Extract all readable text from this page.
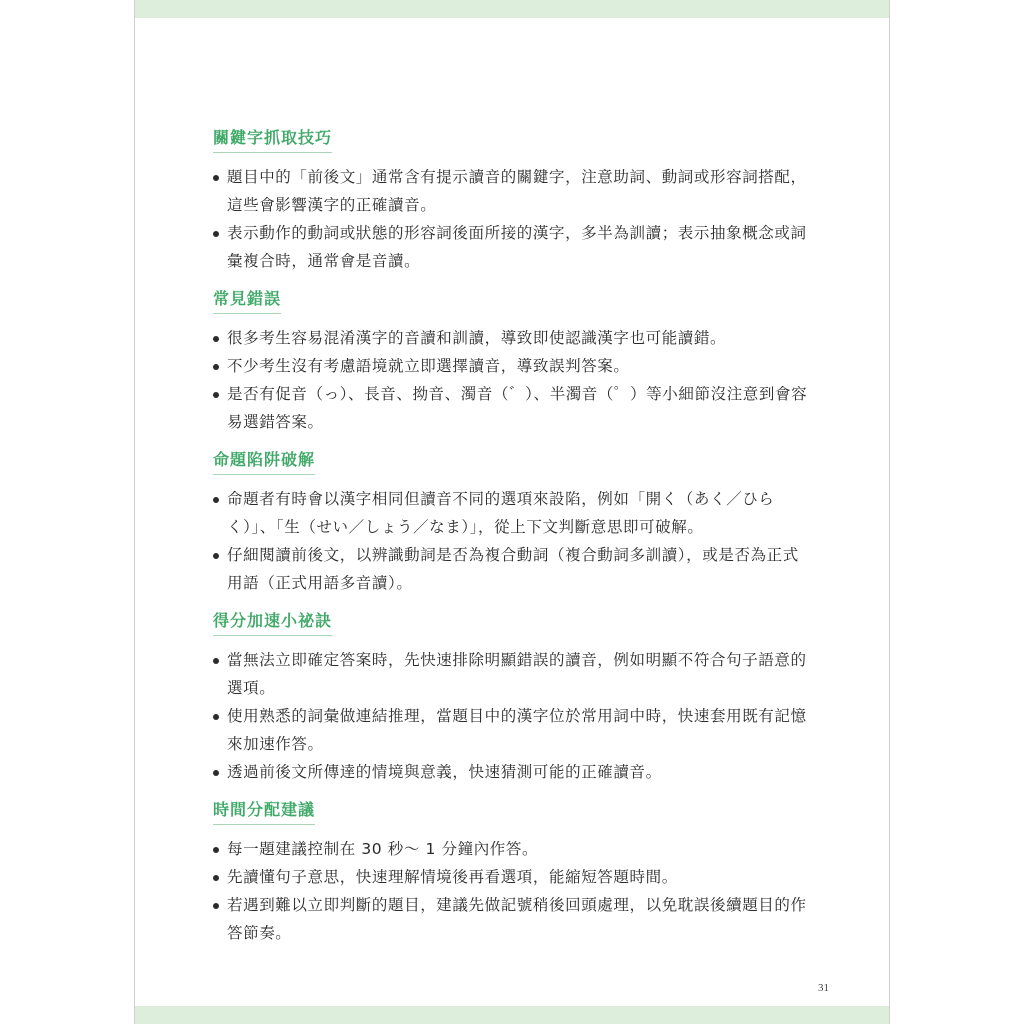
關鍵字抓取技巧
題目中的「前後文」通常含有提示讀音的關鍵字，注意助詞、動詞或形容詞搭配，這些會影響漢字的正確讀音。
表示動作的動詞或狀態的形容詞後面所接的漢字，多半為訓讀；表示抽象概念或詞彙複合時，通常會是音讀。
常見錯誤
很多考生容易混淆漢字的音讀和訓讀，導致即使認識漢字也可能讀錯。
不少考生沒有考慮語境就立即選擇讀音，導致誤判答案。
是否有促音（っ）、長音、拗音、濁音（゛）、半濁音（゜）等小細節沒注意到會容易選錯答案。
命題陷阱破解
命題者有時會以漢字相同但讀音不同的選項來設陷，例如「開く（あく／ひらく）」、「生（せい／しょう／なま）」，從上下文判斷意思即可破解。
仔細閱讀前後文，以辨識動詞是否為複合動詞（複合動詞多訓讀），或是否為正式用語（正式用語多音讀）。
得分加速小祕訣
當無法立即確定答案時，先快速排除明顯錯誤的讀音，例如明顯不符合句子語意的選項。
使用熟悉的詞彙做連結推理，當題目中的漢字位於常用詞中時，快速套用既有記憶來加速作答。
透過前後文所傳達的情境與意義，快速猜測可能的正確讀音。
時間分配建議
每一題建議控制在 30 秒～ 1 分鐘內作答。
先讀懂句子意思，快速理解情境後再看選項，能縮短答題時間。
若遇到難以立即判斷的題目，建議先做記號稍後回頭處理，以免耽誤後續題目的作答節奏。
31
